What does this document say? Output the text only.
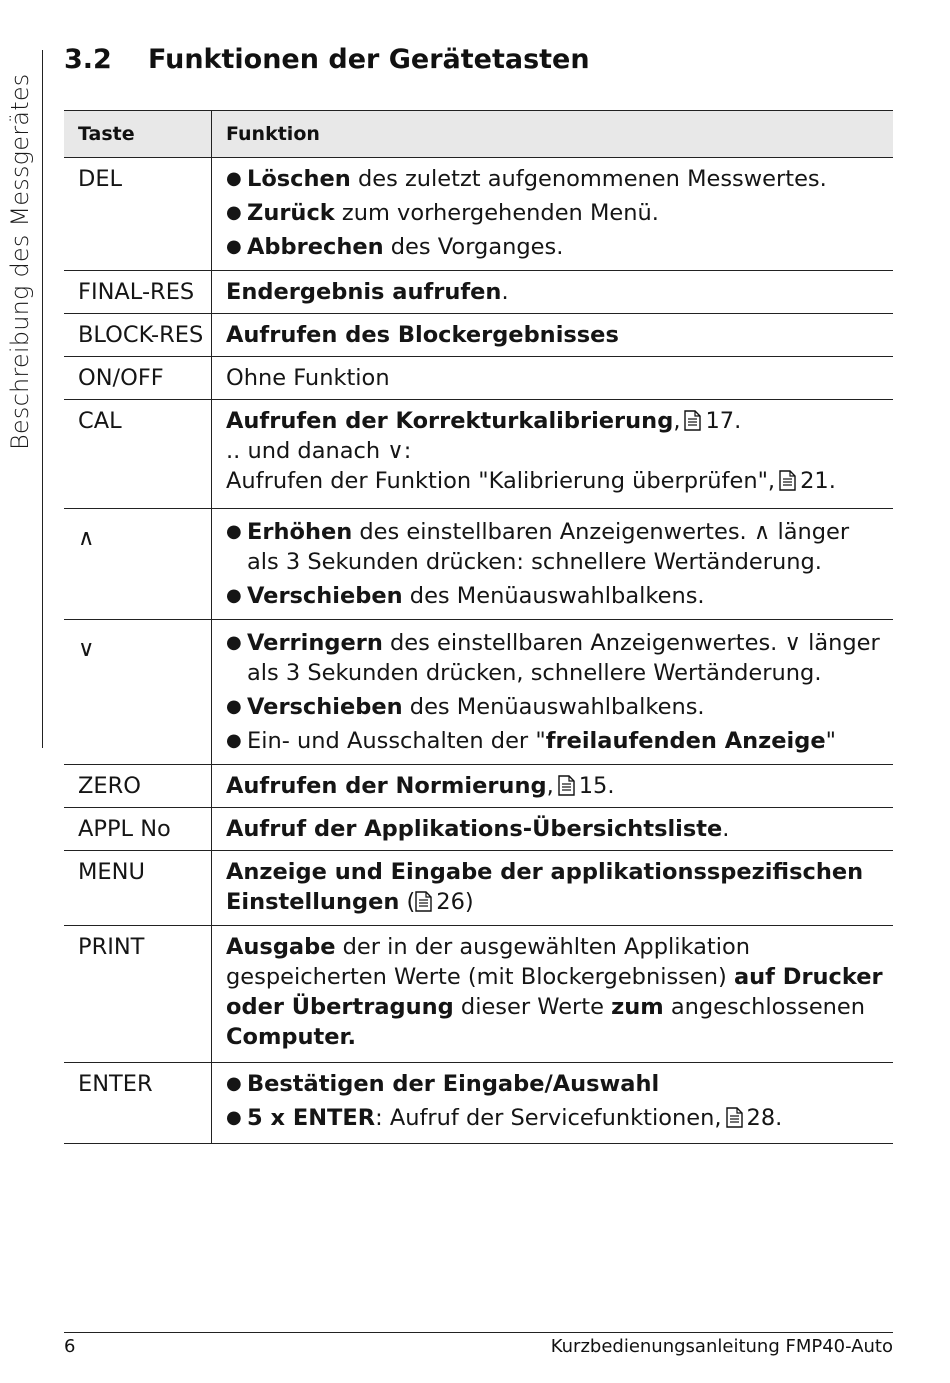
Beschreibung des Messgerätes
3.2 Funktionen der Gerätetasten
Taste	Funktion
DEL	● Löschen des zuletzt aufgenommenen Messwertes.
● Zurück zum vorhergehenden Menü.
● Abbrechen des Vorganges.
FINAL-RES	Endergebnis aufrufen.
BLOCK-RES	Aufrufen des Blockergebnisses
ON/OFF	Ohne Funktion
CAL	Aufrufen der Korrekturkalibrierung, 17.
.. und danach ∨:
Aufrufen der Funktion "Kalibrierung überprüfen", 21.
∧	● Erhöhen des einstellbaren Anzeigenwertes. ∧ länger als 3 Sekunden drücken: schnellere Wertänderung.
● Verschieben des Menüauswahlbalkens.
∨	● Verringern des einstellbaren Anzeigenwertes. ∨ länger als 3 Sekunden drücken, schnellere Wertänderung.
● Verschieben des Menüauswahlbalkens.
● Ein- und Ausschalten der "freilaufenden Anzeige"
ZERO	Aufrufen der Normierung, 15.
APPL No	Aufruf der Applikations-Übersichtsliste.
MENU	Anzeige und Eingabe der applikationsspezifischen Einstellungen ( 26)
PRINT	Ausgabe der in der ausgewählten Applikation gespeicherten Werte (mit Blockergebnissen) auf Drucker oder Übertragung dieser Werte zum angeschlossenen Computer.
ENTER	● Bestätigen der Eingabe/Auswahl
● 5 x ENTER: Aufruf der Servicefunktionen, 28.
6	Kurzbedienungsanleitung FMP40-Auto
